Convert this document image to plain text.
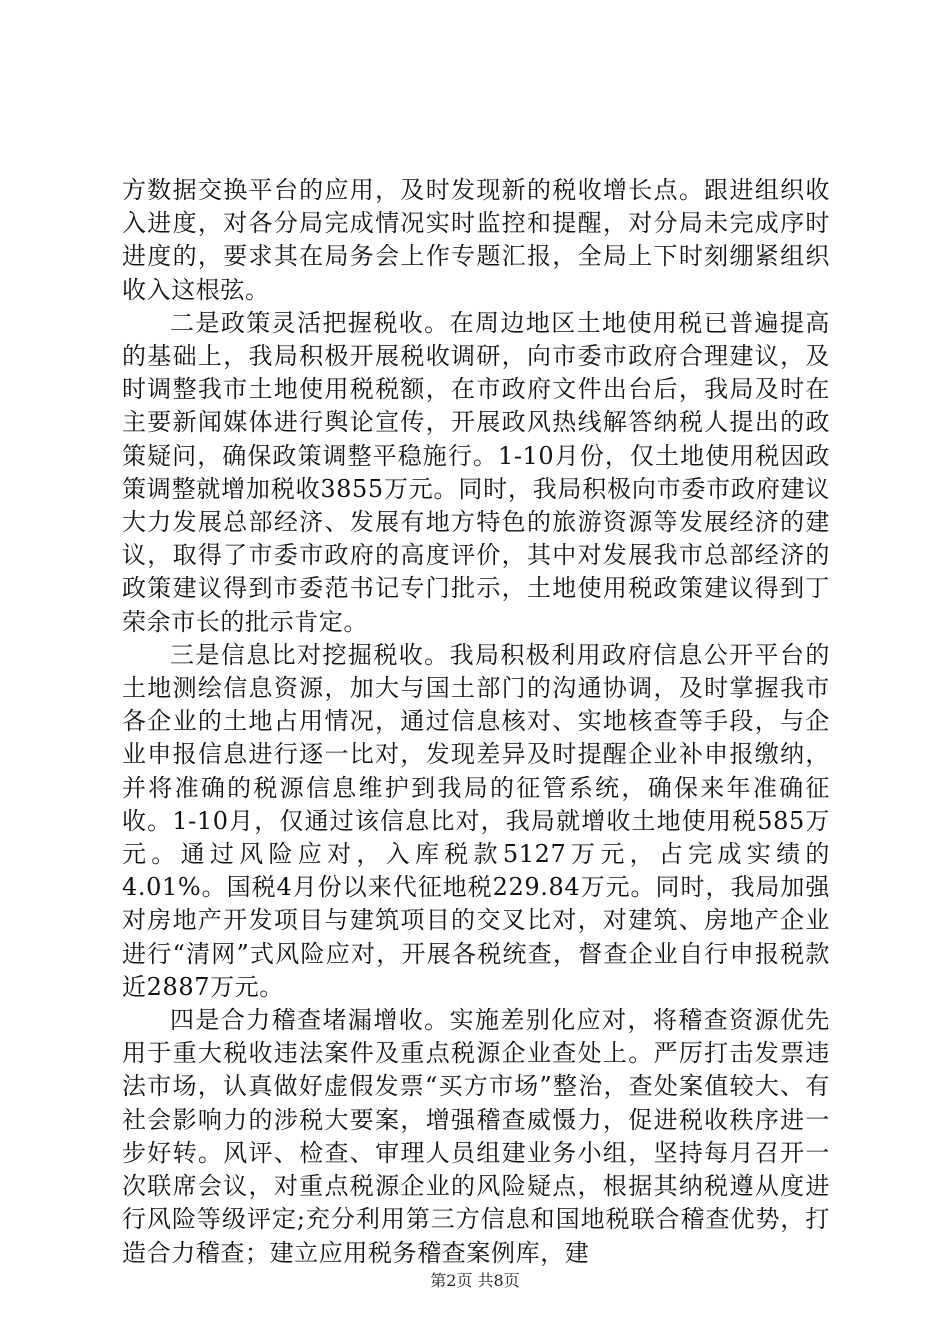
方数据交换平台的应用，及时发现新的税收增长点。跟进组织收入进度，对各分局完成情况实时监控和提醒，对分局未完成序时进度的，要求其在局务会上作专题汇报，全局上下时刻绷紧组织收入这根弦。

二是政策灵活把握税收。在周边地区土地使用税已普遍提高的基础上，我局积极开展税收调研，向市委市政府合理建议，及时调整我市土地使用税税额，在市政府文件出台后，我局及时在主要新闻媒体进行舆论宣传，开展政风热线解答纳税人提出的政策疑问，确保政策调整平稳施行。1-10月份，仅土地使用税因政策调整就增加税收3855万元。同时，我局积极向市委市政府建议大力发展总部经济、发展有地方特色的旅游资源等发展经济的建议，取得了市委市政府的高度评价，其中对发展我市总部经济的政策建议得到市委范书记专门批示，土地使用税政策建议得到丁荣余市长的批示肯定。

三是信息比对挖掘税收。我局积极利用政府信息公开平台的土地测绘信息资源，加大与国土部门的沟通协调，及时掌握我市各企业的土地占用情况，通过信息核对、实地核查等手段，与企业申报信息进行逐一比对，发现差异及时提醒企业补申报缴纳，并将准确的税源信息维护到我局的征管系统，确保来年准确征收。1-10月，仅通过该信息比对，我局就增收土地使用税585万元。通过风险应对，入库税款5127万元，占完成实绩的4.01%。国税4月份以来代征地税229.84万元。同时，我局加强对房地产开发项目与建筑项目的交叉比对，对建筑、房地产企业进行“清网”式风险应对，开展各税统查，督查企业自行申报税款近2887万元。

四是合力稽查堵漏增收。实施差别化应对，将稽查资源优先用于重大税收违法案件及重点税源企业查处上。严厉打击发票违法市场，认真做好虚假发票“买方市场”整治，查处案值较大、有社会影响力的涉税大要案，增强稽查威慑力，促进税收秩序进一步好转。风评、检查、审理人员组建业务小组，坚持每月召开一次联席会议，对重点税源企业的风险疑点，根据其纳税遵从度进行风险等级评定;充分利用第三方信息和国地税联合稽查优势，打造合力稽查；建立应用税务稽查案例库，建

第2页 共8页
